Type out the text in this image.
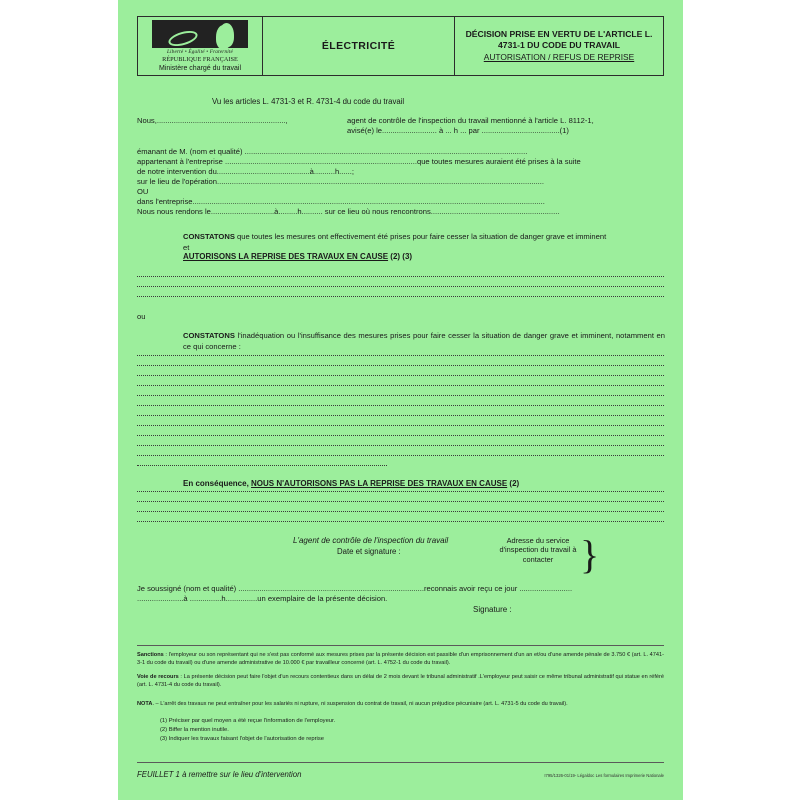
Liberté • Égalité • Fraternité
RÉPUBLIQUE FRANÇAISE
Ministère chargé du travail

ÉLECTRICITÉ

DÉCISION PRISE EN VERTU DE L'ARTICLE L. 4731-1 DU CODE DU TRAVAIL
AUTORISATION / REFUS DE REPRISE
Vu les articles L. 4731-3 et R. 4731-4 du code du travail
Nous,.............................................................,	agent de contrôle de l'inspection du travail mentionné à l'article L. 8112-1,
avisé(e) le.......................... à ... h ... par .....................................(1)
émanant de M. (nom et qualité) ......................................................................................................................................
appartenant à l'entreprise ...........................................................................................que toutes mesures auraient été prises à la suite
de notre intervention du............................................à..........h......;
sur le lieu de l'opération...........................................................................................................................................................
OU
dans l'entreprise.......................................................................................................................................................................
Nous nous rendons le..............................à.........h.......... sur ce lieu où nous rencontrons.............................................................
CONSTATONS que toutes les mesures ont effectivement été prises pour faire cesser la situation de danger grave et imminent
et
AUTORISONS LA REPRISE DES TRAVAUX EN CAUSE (2) (3)
ou
CONSTATONS l'inadéquation ou l'insuffisance des mesures prises pour faire cesser la situation de danger grave et imminent, notamment en ce qui concerne :
En conséquence, NOUS N'AUTORISONS PAS LA REPRISE DES TRAVAUX EN CAUSE (2)
L'agent de contrôle de l'inspection du travail
Date et signature :
Adresse du service d'inspection du travail à contacter }
Je soussigné (nom et qualité) ........................................................................................reconnais avoir reçu ce jour .........................
......................à ...............h...............un exemplaire de la présente décision.
Signature :
Sanctions : l'employeur ou son représentant qui ne s'est pas conformé aux mesures prises par la présente décision est passible d'un emprisonnement d'un an et/ou d'une amende pénale de 3.750 € (art. L. 4741-3-1 du code du travail) ou d'une amende administrative de 10.000 € par travailleur concerné (art. L. 4752-1 du code du travail).
Voie de recours : La présente décision peut faire l'objet d'un recours contentieux dans un délai de 2 mois devant le tribunal administratif .L'employeur peut saisir ce même tribunal administratif qui statue en référé (art. L. 4731-4 du code du travail).
NOTA. – L'arrêt des travaux ne peut entraîner pour les salariés ni rupture, ni suspension du contrat de travail, ni aucun préjudice pécuniaire (art. L. 4731-5 du code du travail).
(1) Préciser par quel moyen a été reçue l'information de l'employeur.
(2) Biffer la mention inutile.
(3) Indiquer les travaux faisant l'objet de l'autorisation de reprise
FEUILLET 1 à remettre sur le lieu d'intervention	I795/1326-01/19- Légaldoc Les formulaires Imprimerie Nationale
